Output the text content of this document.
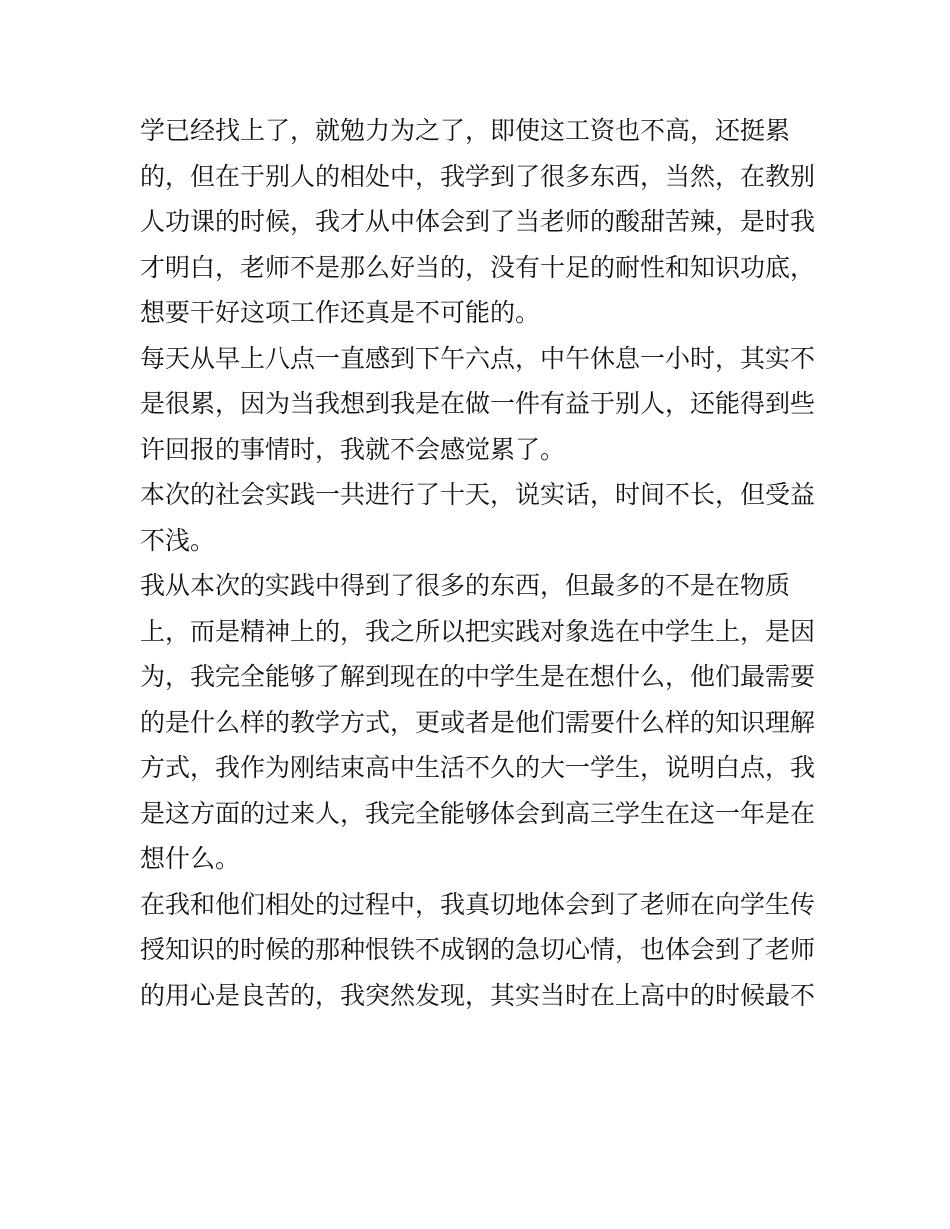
学已经找上了，就勉力为之了，即使这工资也不高，还挺累
的，但在于别人的相处中，我学到了很多东西，当然，在教别
人功课的时候，我才从中体会到了当老师的酸甜苦辣，是时我
才明白，老师不是那么好当的，没有十足的耐性和知识功底，
想要干好这项工作还真是不可能的。
每天从早上八点一直感到下午六点，中午休息一小时，其实不
是很累，因为当我想到我是在做一件有益于别人，还能得到些
许回报的事情时，我就不会感觉累了。
本次的社会实践一共进行了十天，说实话，时间不长，但受益
不浅。
我从本次的实践中得到了很多的东西，但最多的不是在物质
上，而是精神上的，我之所以把实践对象选在中学生上，是因
为，我完全能够了解到现在的中学生是在想什么，他们最需要
的是什么样的教学方式，更或者是他们需要什么样的知识理解
方式，我作为刚结束高中生活不久的大一学生，说明白点，我
是这方面的过来人，我完全能够体会到高三学生在这一年是在
想什么。
在我和他们相处的过程中，我真切地体会到了老师在向学生传
授知识的时候的那种恨铁不成钢的急切心情，也体会到了老师
的用心是良苦的，我突然发现，其实当时在上高中的时候最不
